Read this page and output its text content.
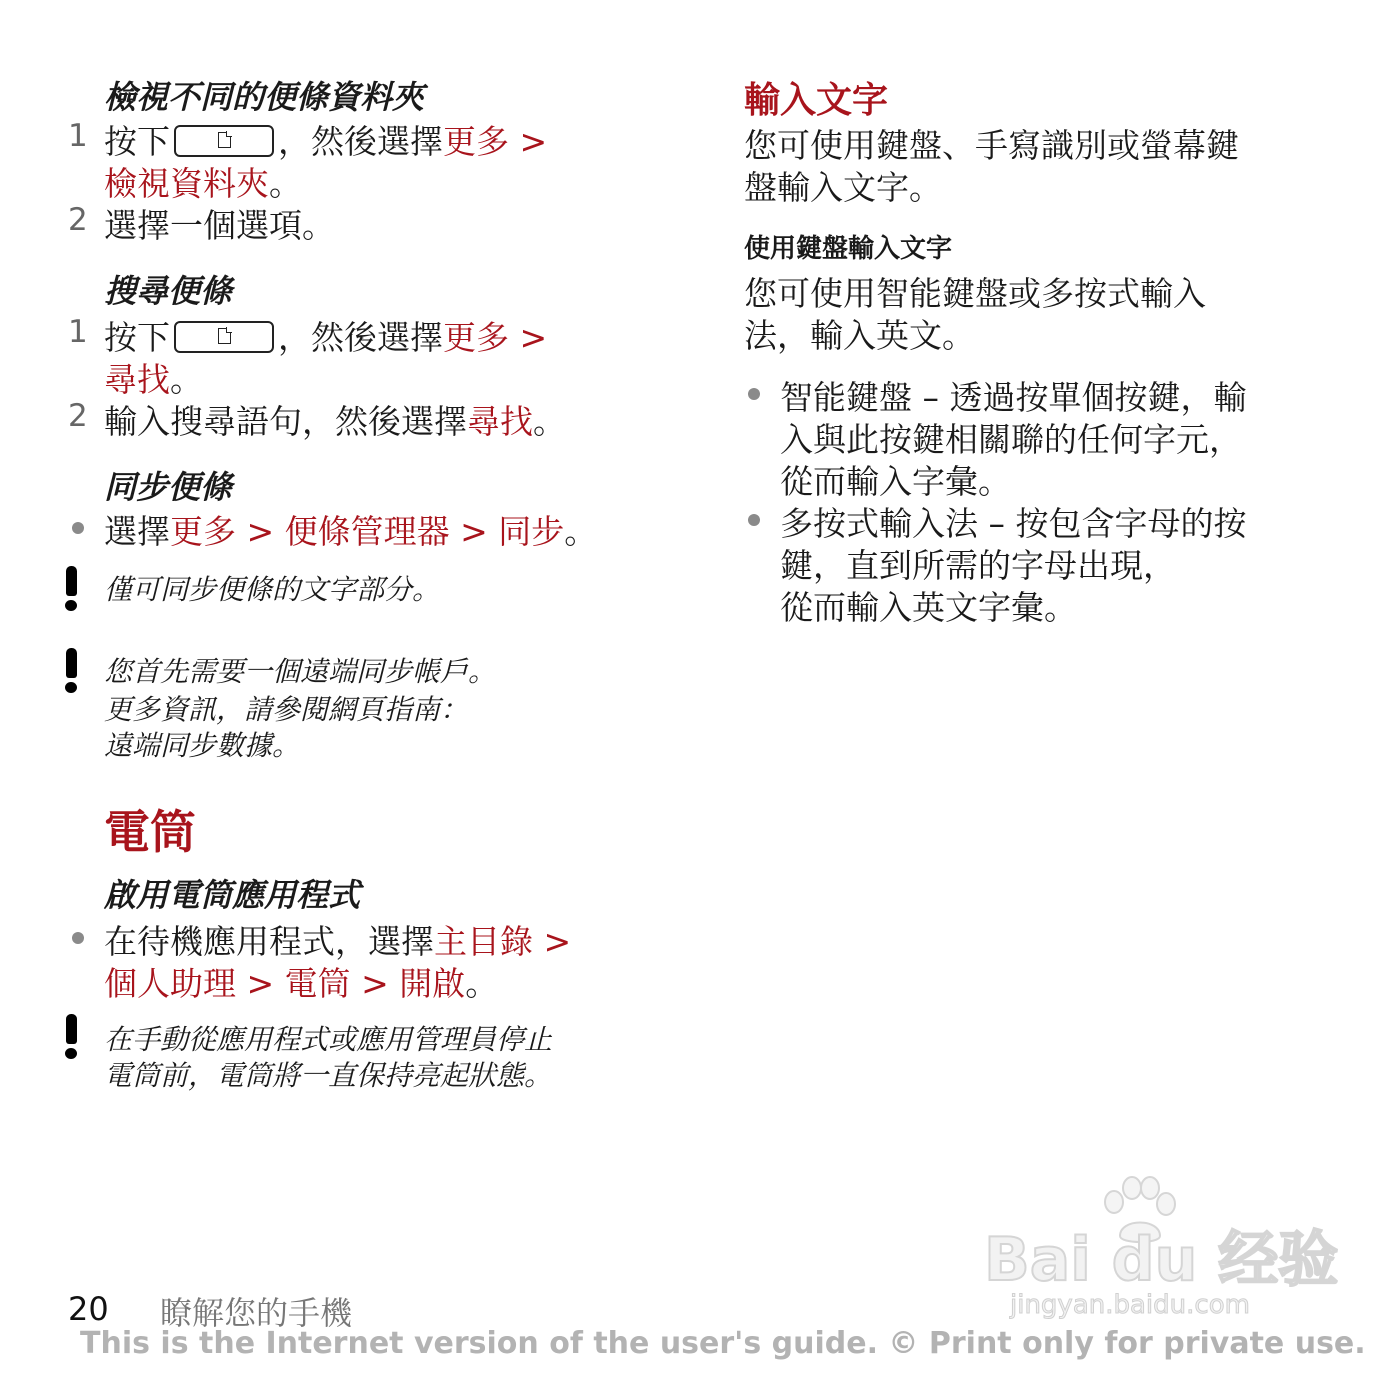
檢視不同的便條資料夾
1 按下	，然後選擇更多 >
檢視資料夾。
2 選擇一個選項。
搜尋便條
1 按下	，然後選擇更多 >
尋找。
2 輸入搜尋語句，然後選擇尋找。
同步便條
選擇更多 > 便條管理器 > 同步。
僅可同步便條的文字部分。
您首先需要一個遠端同步帳戶。
更多資訊，請參閱網頁指南：
遠端同步數據。
電筒
啟用電筒應用程式
在待機應用程式，選擇主目錄 >
個人助理 > 電筒 > 開啟。
在手動從應用程式或應用管理員停止
電筒前，電筒將一直保持亮起狀態。
輸入文字
您可使用鍵盤、手寫識別或螢幕鍵
盤輸入文字。
使用鍵盤輸入文字
您可使用智能鍵盤或多按式輸入
法，輸入英文。
智能鍵盤 – 透過按單個按鍵，輸
入與此按鍵相關聯的任何字元，
從而輸入字彙。
多按式輸入法 – 按包含字母的按
鍵，直到所需的字母出現，
從而輸入英文字彙。
Bai du 经验
jingyan.baidu.com
20 瞭解您的手機
This is the Internet version of the user's guide. © Print only for private use.
